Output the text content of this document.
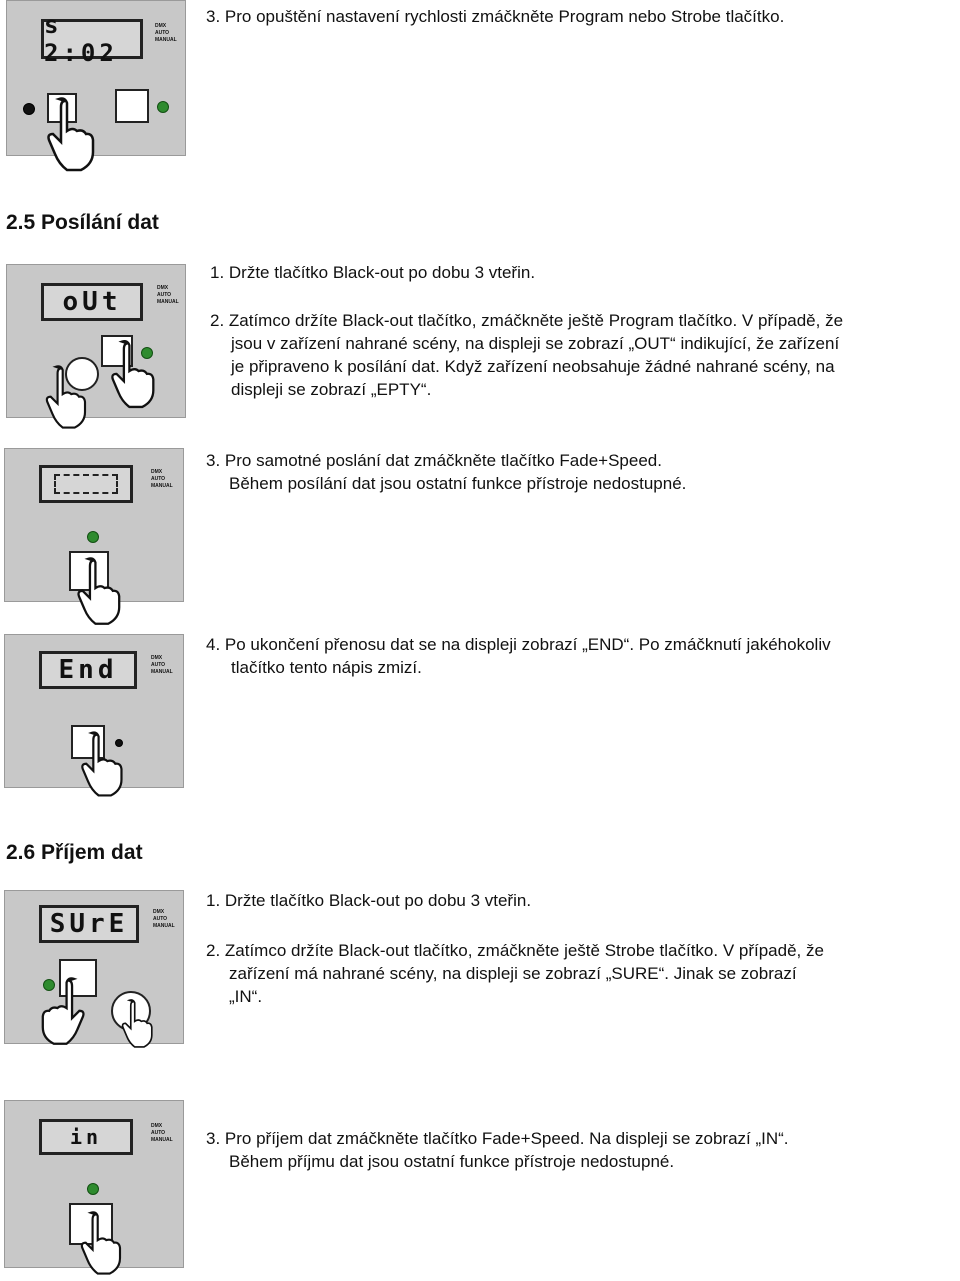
s 2:02
DMX
AUTO
MANUAL
3. Pro opuštění nastavení rychlosti zmáčkněte Program nebo Strobe tlačítko.
2.5 Posílání dat
oUt	DMX
AUTO
MANUAL
1. Držte tlačítko Black-out po dobu 3 vteřin.
2. Zatímco držíte Black-out tlačítko, zmáčkněte ještě Program tlačítko. V případě, že
jsou v zařízení nahrané scény, na displeji se zobrazí „OUT“ indikující, že zařízení
je připraveno k posílání dat. Když zařízení neobsahuje žádné nahrané scény, na
displeji se zobrazí „EPTY“.
DMX
AUTO
MANUAL
3. Pro samotné poslání dat zmáčkněte tlačítko Fade+Speed.
Během posílání dat jsou ostatní funkce přístroje nedostupné.
End	DMX
AUTO
MANUAL
4. Po ukončení přenosu dat se na displeji zobrazí „END“. Po zmáčknutí jakéhokoliv
tlačítko tento nápis zmizí.
2.6 Příjem dat
SUrE	DMX
AUTO
MANUAL
1. Držte tlačítko Black-out po dobu 3 vteřin.
2. Zatímco držíte Black-out tlačítko, zmáčkněte ještě Strobe tlačítko. V případě, že
zařízení má nahrané scény, na displeji se zobrazí „SURE“. Jinak se zobrazí
„IN“.
in	DMX
AUTO
MANUAL 3. Pro příjem dat zmáčkněte tlačítko Fade+Speed. Na displeji se zobrazí „IN“.
Během příjmu dat jsou ostatní funkce přístroje nedostupné.
